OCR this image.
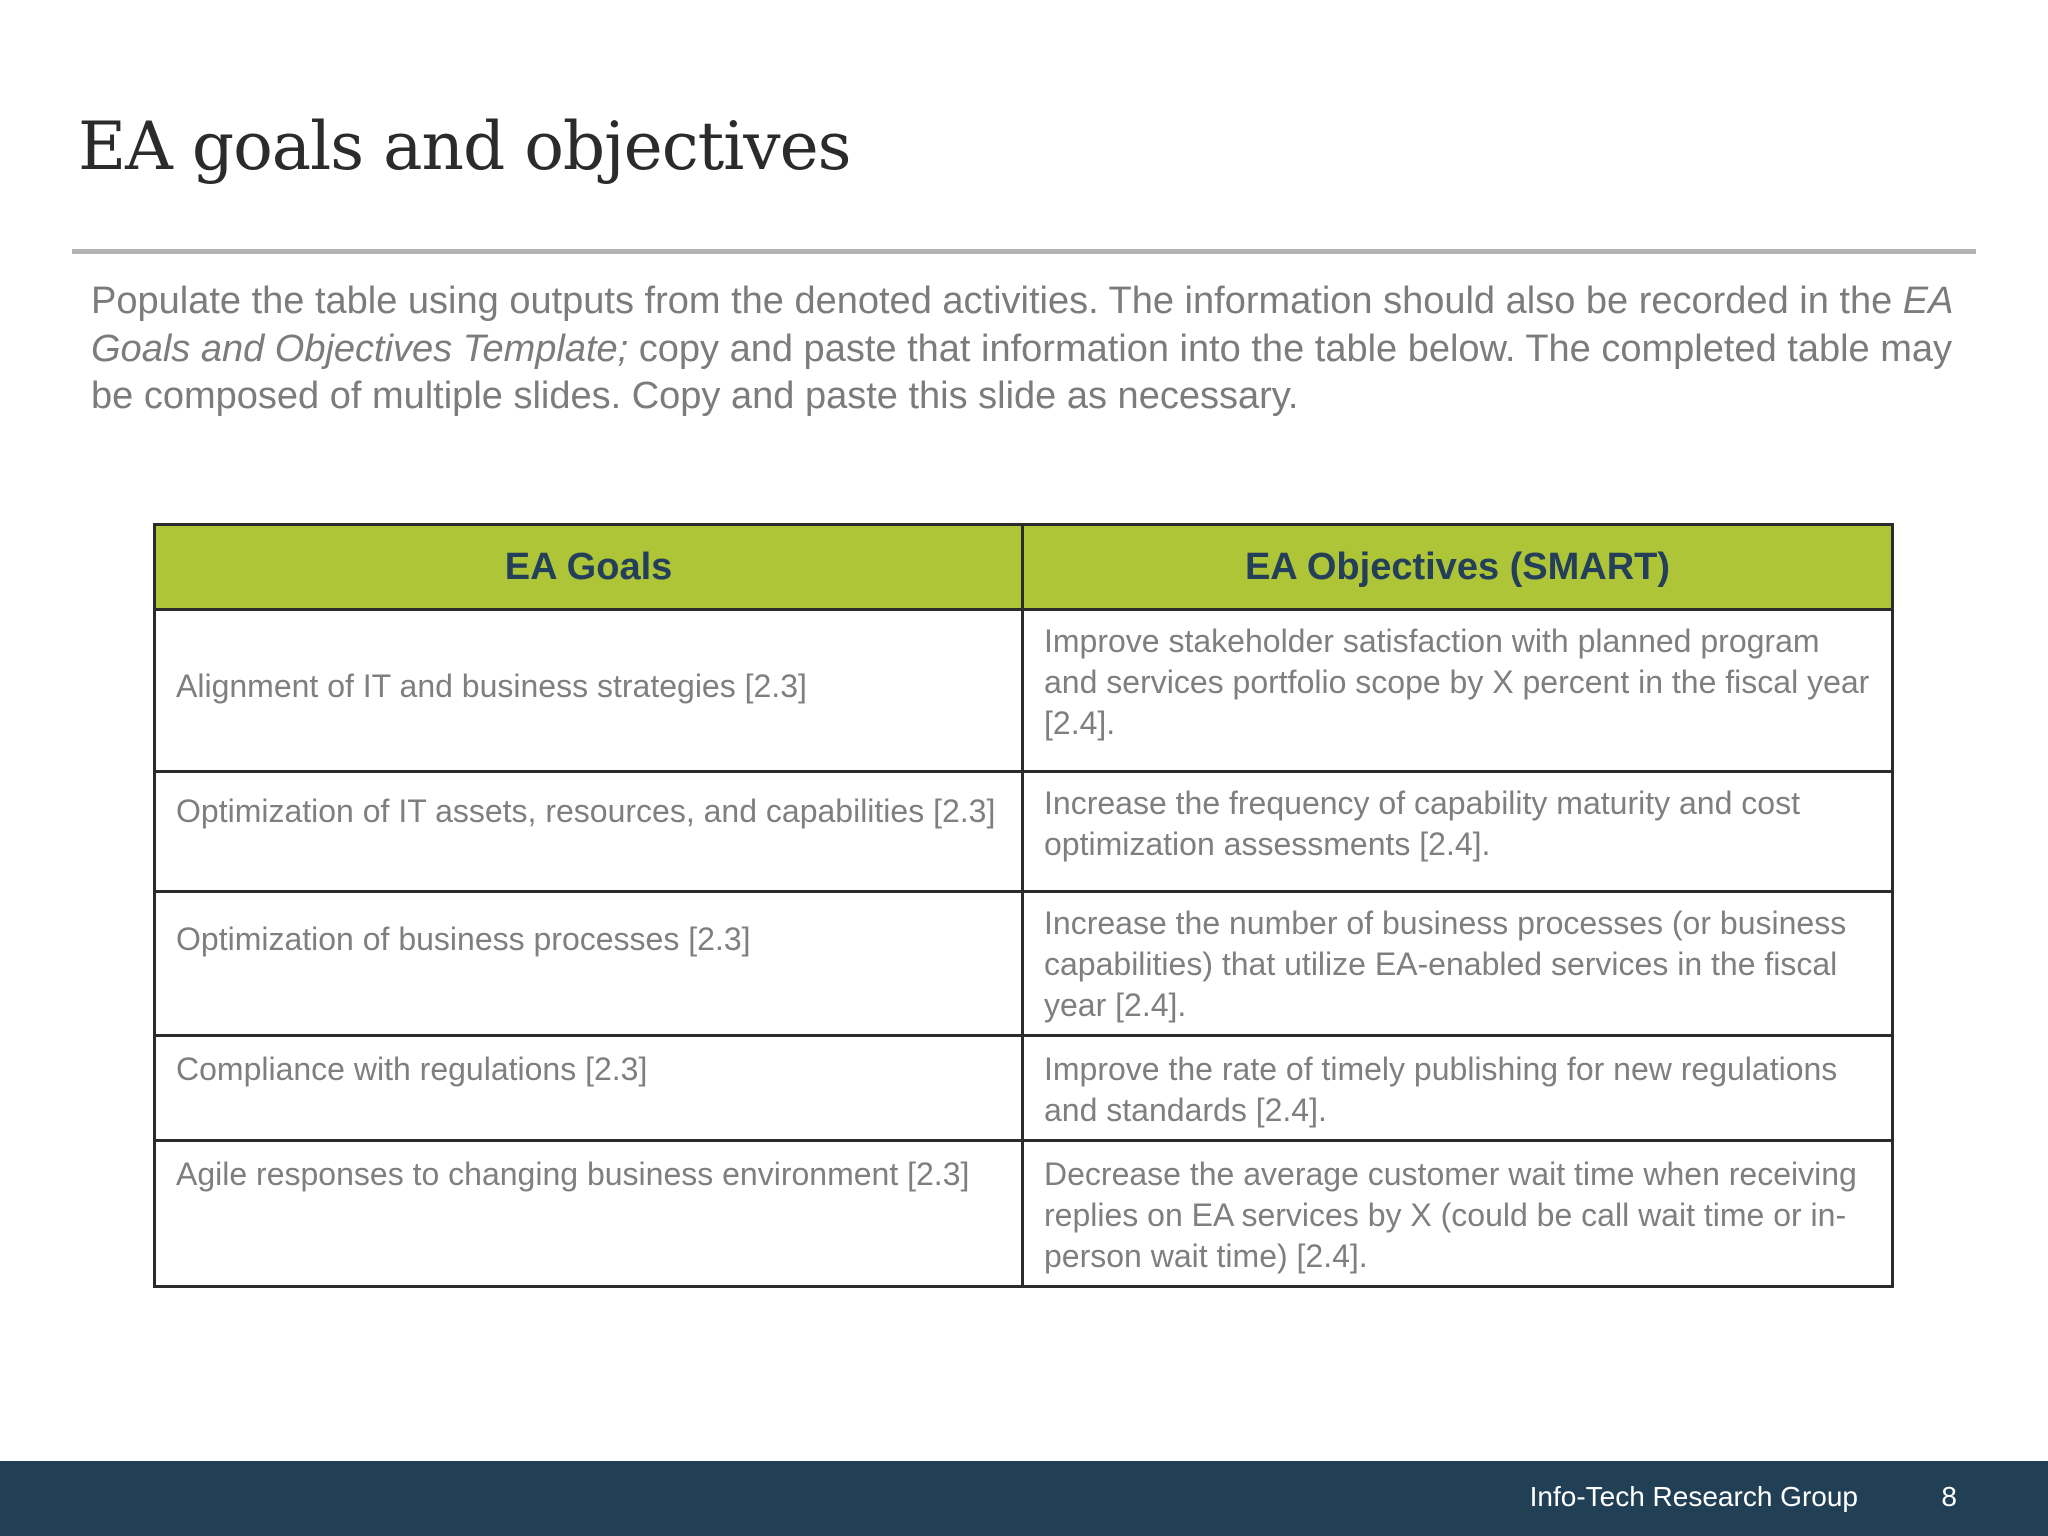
EA goals and objectives

Populate the table using outputs from the denoted activities. The information should also be recorded in the EA Goals and Objectives Template; copy and paste that information into the table below. The completed table may be composed of multiple slides. Copy and paste this slide as necessary.

EA Goals	EA Objectives (SMART)
Alignment of IT and business strategies [2.3]	Improve stakeholder satisfaction with planned program and services portfolio scope by X percent in the fiscal year [2.4].
Optimization of IT assets, resources, and capabilities [2.3]	Increase the frequency of capability maturity and cost optimization assessments [2.4].
Optimization of business processes [2.3]	Increase the number of business processes (or business capabilities) that utilize EA-enabled services in the fiscal year [2.4].
Compliance with regulations [2.3]	Improve the rate of timely publishing for new regulations and standards [2.4].
Agile responses to changing business environment [2.3]	Decrease the average customer wait time when receiving replies on EA services by X (could be call wait time or in-person wait time) [2.4].
Info-Tech Research Group	8
